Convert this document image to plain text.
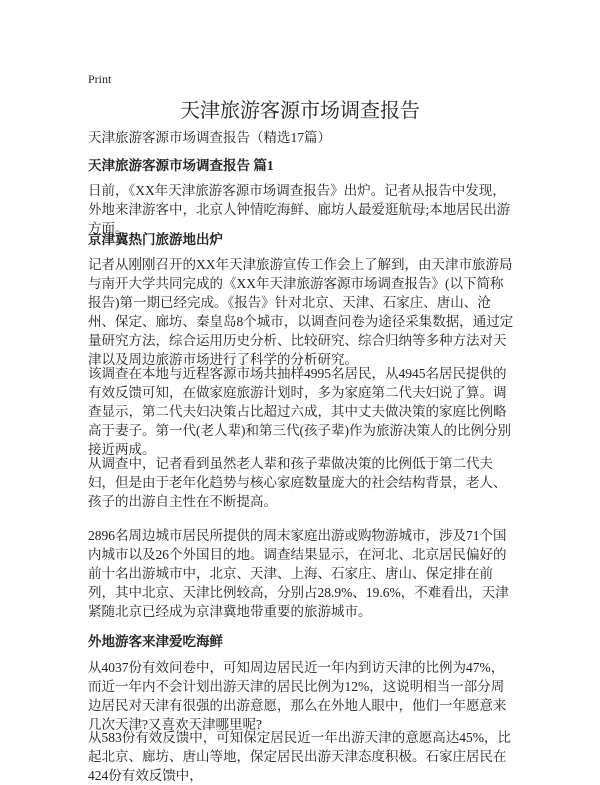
Print
天津旅游客源市场调查报告
天津旅游客源市场调查报告（精选17篇）
天津旅游客源市场调查报告 篇1

日前，《XX年天津旅游客源市场调查报告》出炉。记者从报告中发现，外地来津游客中，北京人钟情吃海鲜、廊坊人最爱逛航母;本地居民出游方面。

京津冀热门旅游地出炉

记者从刚刚召开的XX年天津旅游宣传工作会上了解到，由天津市旅游局与南开大学共同完成的《XX年天津旅游客源市场调查报告》(以下简称报告)第一期已经完成。《报告》针对北京、天津、石家庄、唐山、沧州、保定、廊坊、秦皇岛8个城市，以调查问卷为途径采集数据，通过定量研究方法，综合运用历史分析、比较研究、综合归纳等多种方法对天津以及周边旅游市场进行了科学的分析研究。

该调查在本地与近程客源市场共抽样4995名居民，从4945名居民提供的有效反馈可知，在做家庭旅游计划时，多为家庭第二代夫妇说了算。调查显示，第二代夫妇决策占比超过六成，其中丈夫做决策的家庭比例略高于妻子。第一代(老人辈)和第三代(孩子辈)作为旅游决策人的比例分别接近两成。

从调查中，记者看到虽然老人辈和孩子辈做决策的比例低于第二代夫妇，但是由于老年化趋势与核心家庭数量庞大的社会结构背景，老人、孩子的出游自主性在不断提高。

2896名周边城市居民所提供的周末家庭出游或购物游城市，涉及71个国内城市以及26个外国目的地。调查结果显示，在河北、北京居民偏好的前十名出游城市中，北京、天津、上海、石家庄、唐山、保定排在前列，其中北京、天津比例较高，分别占28.9%、19.6%，不难看出，天津紧随北京已经成为京津冀地带重要的旅游城市。

外地游客来津爱吃海鲜

从4037份有效问卷中，可知周边居民近一年内到访天津的比例为47%，而近一年内不会计划出游天津的居民比例为12%，这说明相当一部分周边居民对天津有很强的出游意愿，那么在外地人眼中，他们一年愿意来几次天津?又喜欢天津哪里呢?

从583份有效反馈中，可知保定居民近一年出游天津的意愿高达45%，比起北京、廊坊、唐山等地，保定居民出游天津态度积极。石家庄居民在424份有效反馈中，
